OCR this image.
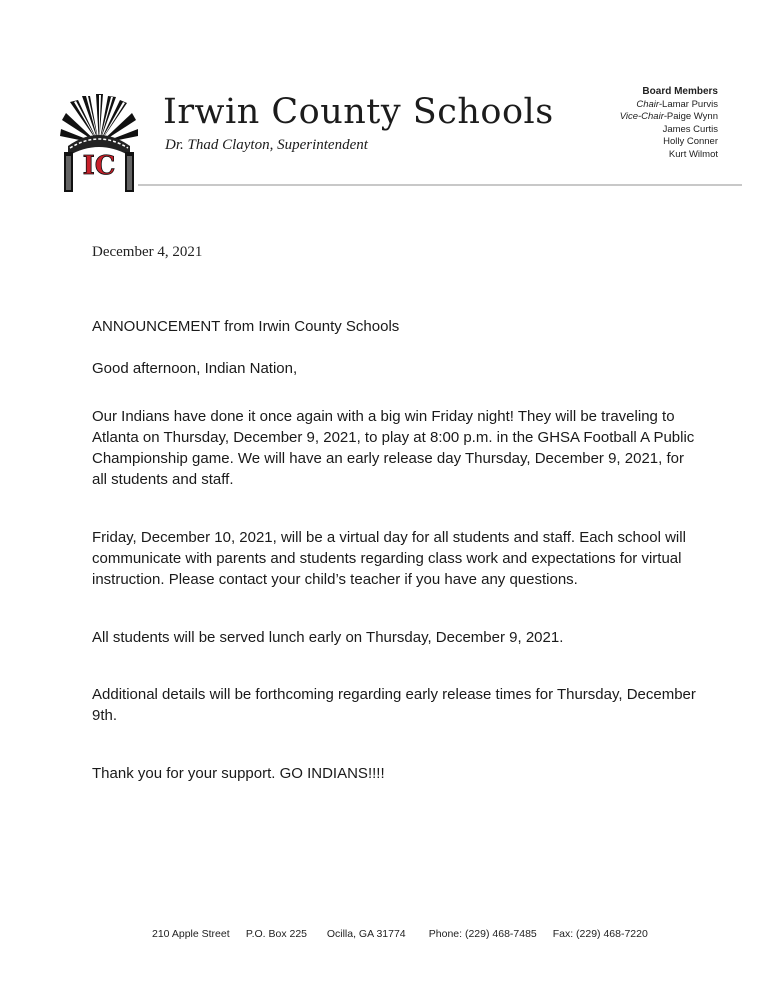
IC
Irwin County Schools
Dr. Thad Clayton, Superintendent
Board Members
Chair-Lamar Purvis
Vice-Chair-Paige Wynn
James Curtis
Holly Conner
Kurt Wilmot
December 4, 2021

ANNOUNCEMENT from Irwin County Schools

Good afternoon, Indian Nation,

Our Indians have done it once again with a big win Friday night! They will be traveling to Atlanta on Thursday, December 9, 2021, to play at 8:00 p.m. in the GHSA Football A Public Championship game. We will have an early release day Thursday, December 9, 2021, for all students and staff.

Friday, December 10, 2021, will be a virtual day for all students and staff. Each school will communicate with parents and students regarding class work and expectations for virtual instruction. Please contact your child’s teacher if you have any questions.

All students will be served lunch early on Thursday, December 9, 2021.

Additional details will be forthcoming regarding early release times for Thursday, December 9th.

Thank you for your support. GO INDIANS!!!!

210 Apple Street P.O. Box 225 Ocilla, GA 31774 Phone: (229) 468-7485 Fax: (229) 468-7220
